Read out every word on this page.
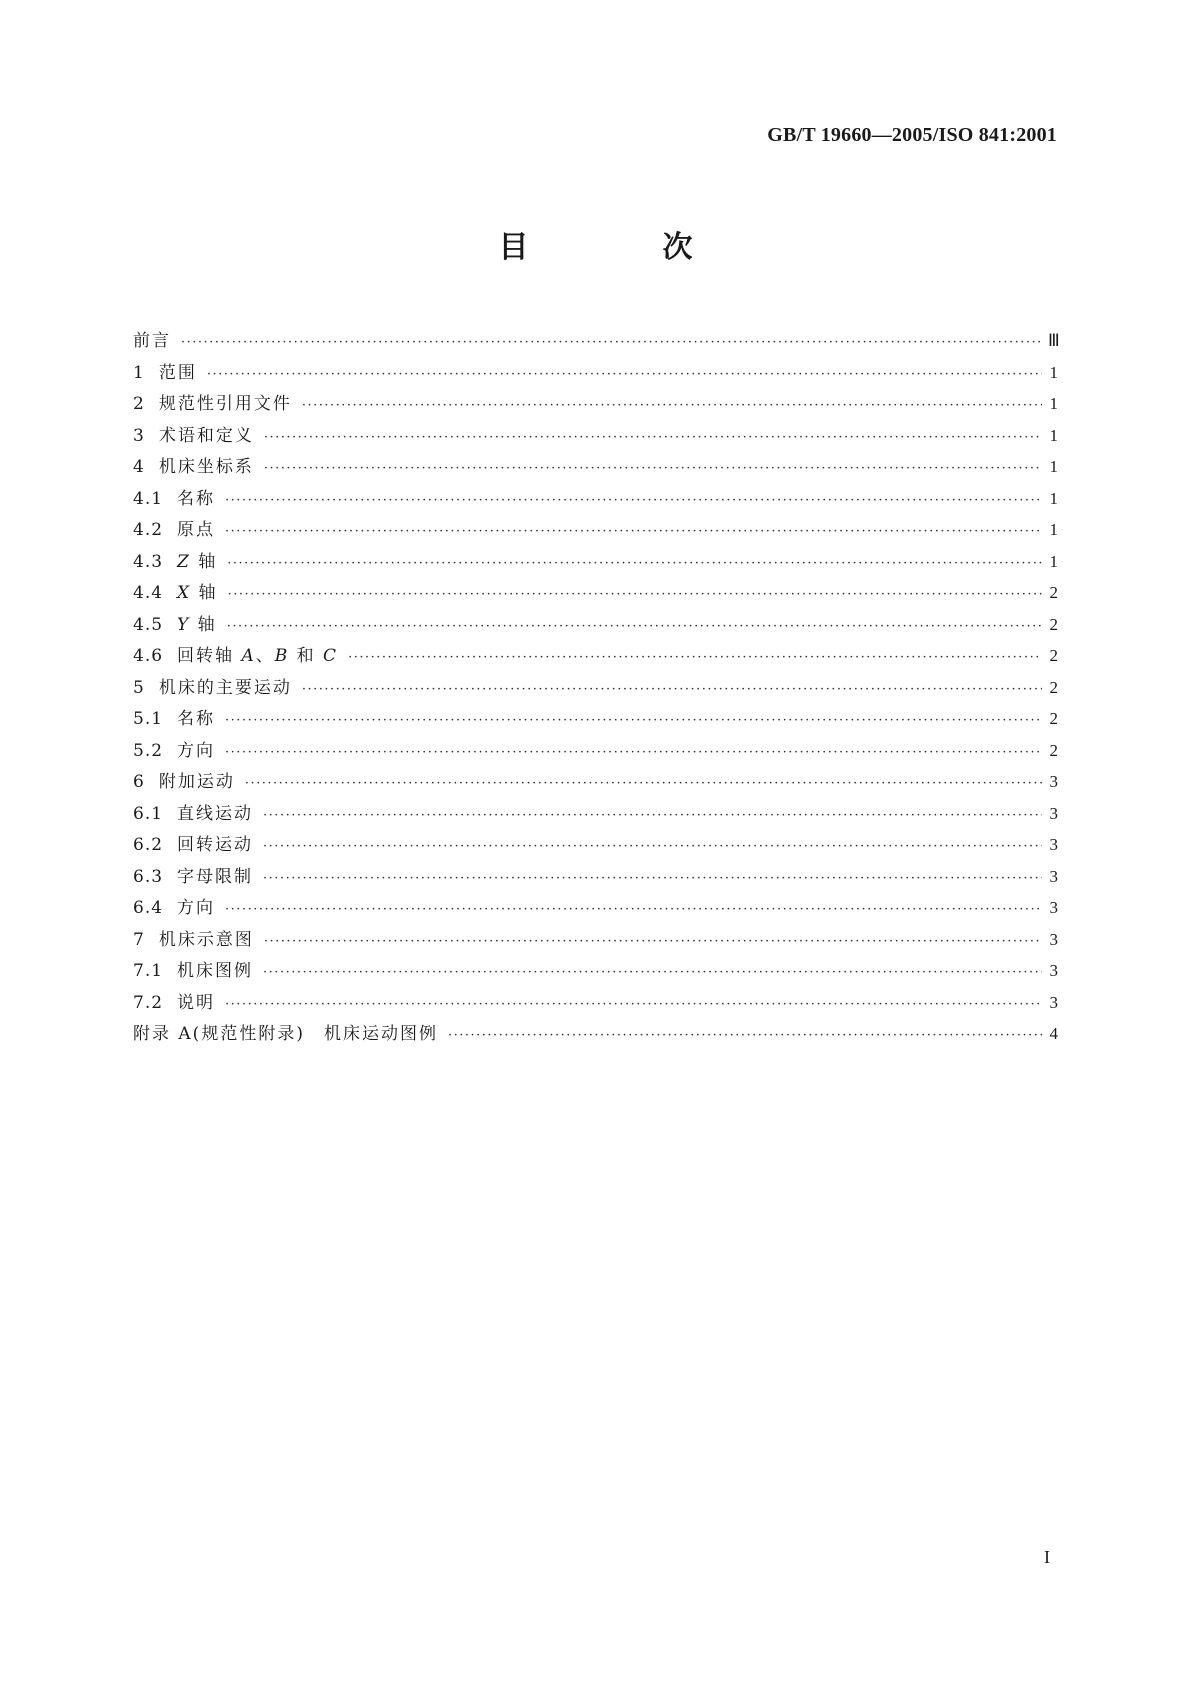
GB/T 19660—2005/ISO 841:2001
目　次
前言 ·····	Ⅲ
1 范围 ·····	1
2 规范性引用文件 ·····	1
3 术语和定义 ·····	1
4 机床坐标系 ·····	1
4.1 名称 ·····	1
4.2 原点 ·····	1
4.3 Z 轴 ·····	1
4.4 X 轴 ·····	2
4.5 Y 轴 ·····	2
4.6 回转轴 A、B 和 C ·····	2
5 机床的主要运动 ·····	2
5.1 名称 ·····	2
5.2 方向 ·····	2
6 附加运动 ·····	3
6.1 直线运动 ·····	3
6.2 回转运动 ·····	3
6.3 字母限制 ·····	3
6.4 方向 ·····	3
7 机床示意图 ·····	3
7.1 机床图例 ·····	3
7.2 说明 ·····	3
附录 A(规范性附录)　机床运动图例 ·····	4
I
